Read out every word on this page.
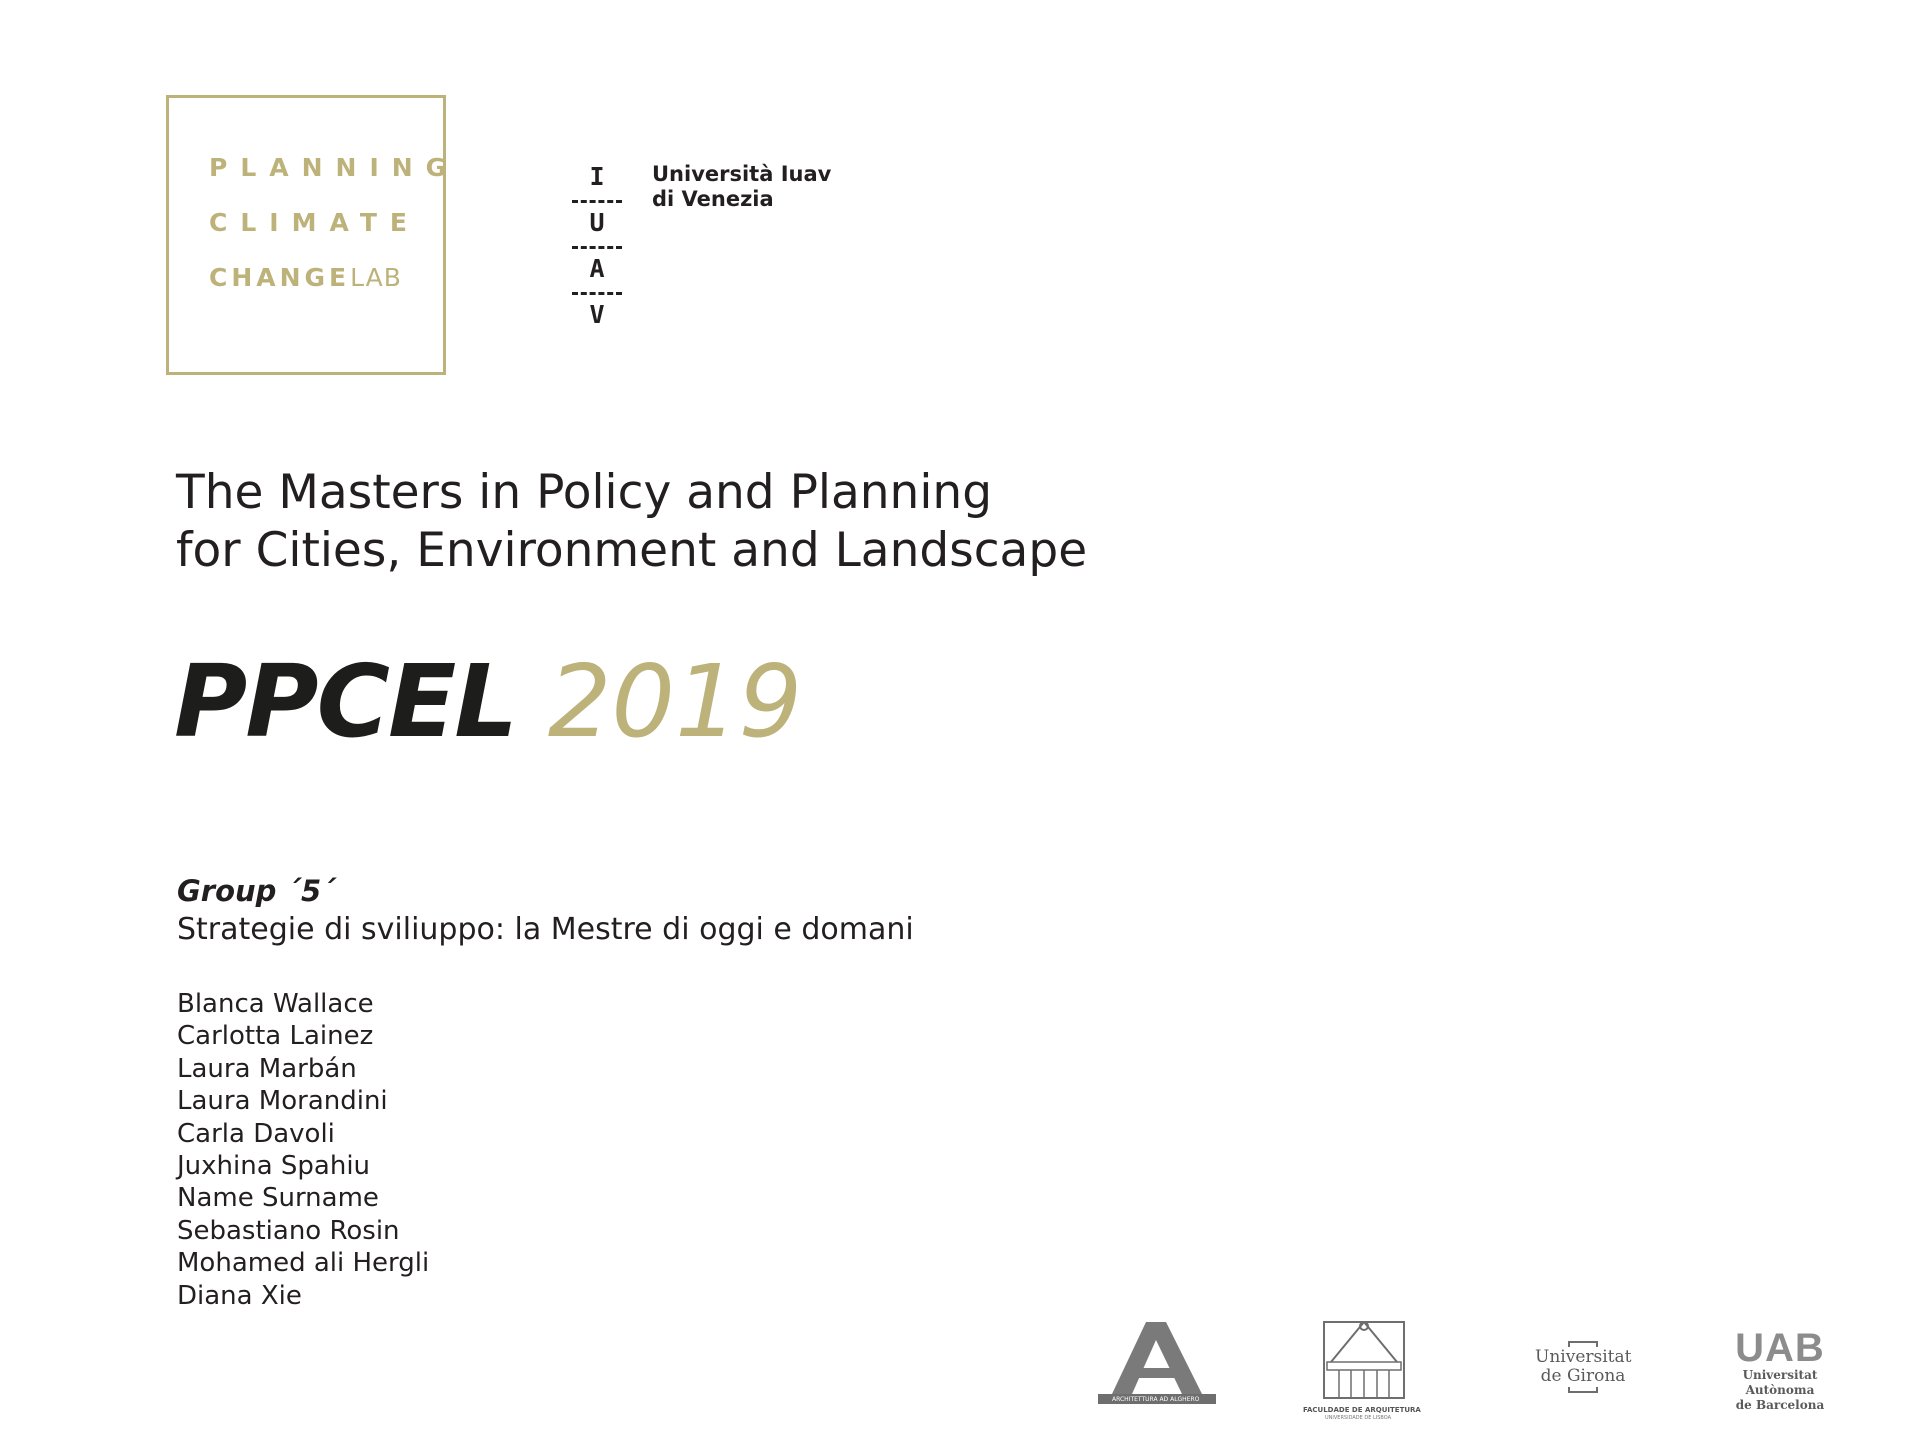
PLANNING
CLIMATE
CHANGELAB
I
U
A
V
Università Iuav
di Venezia
The Masters in Policy and Planning
for Cities, Environment and Landscape
PPCEL 2019
Group ´5´
Strategie di sviliuppo: la Mestre di oggi e domani
Blanca Wallace
Carlotta Lainez
Laura Marbán
Laura Morandini
Carla Davoli
Juxhina Spahiu
Name Surname
Sebastiano Rosin
Mohamed ali Hergli
Diana Xie
ARCHITETTURA AD ALGHERO
FACULDADE DE ARQUITETURA
UNIVERSIDADE DE LISBOA
Universitat
de Girona
UAB
Universitat Autònoma
de Barcelona
